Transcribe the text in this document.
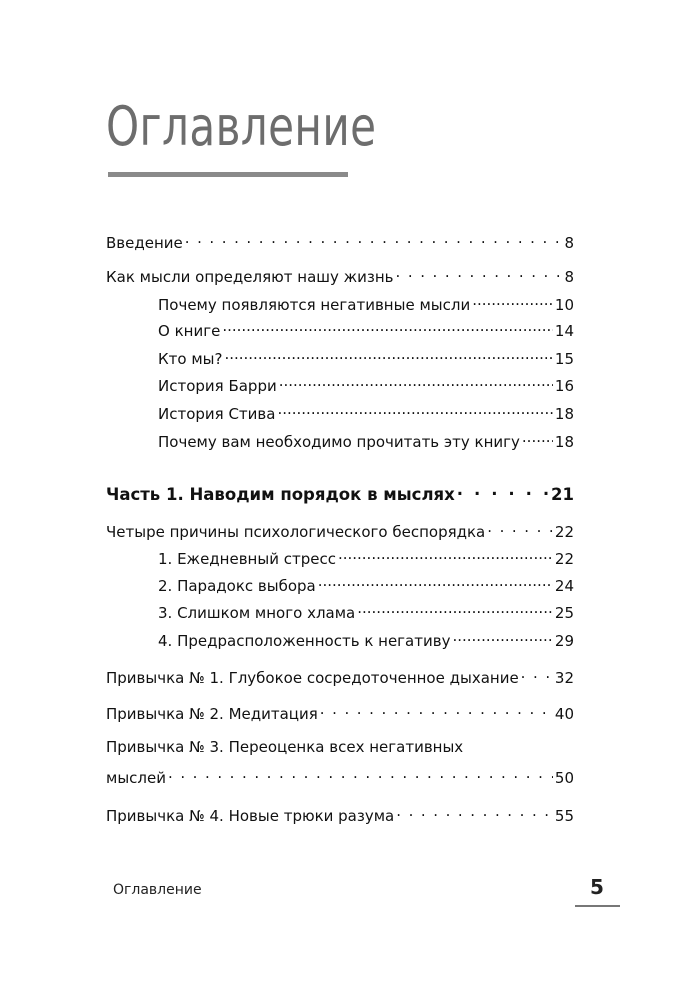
Оглавление
Введение . . .	8
Как мысли определяют нашу жизнь . . .	8
Почему появляются негативные мысли .....	10
О книге .....	14
Кто мы? .....	15
История Барри .....	16
История Стива .....	18
Почему вам необходимо прочитать эту книгу ..... 18
Часть 1. Наводим порядок в мыслях . . .	21
Четыре причины психологического беспорядка . . .	22
1. Ежедневный стресс .....	22
2. Парадокс выбора .....	24
3. Слишком много хлама .....	25
4. Предрасположенность к негативу .....	29
Привычка № 1. Глубокое сосредоточенное дыхание . . . 32
Привычка № 2. Медитация . . .	40
Привычка № 3. Переоценка всех негативных
мыслей . . .	50
Привычка № 4. Новые трюки разума . . .	55
Оглавление	5
